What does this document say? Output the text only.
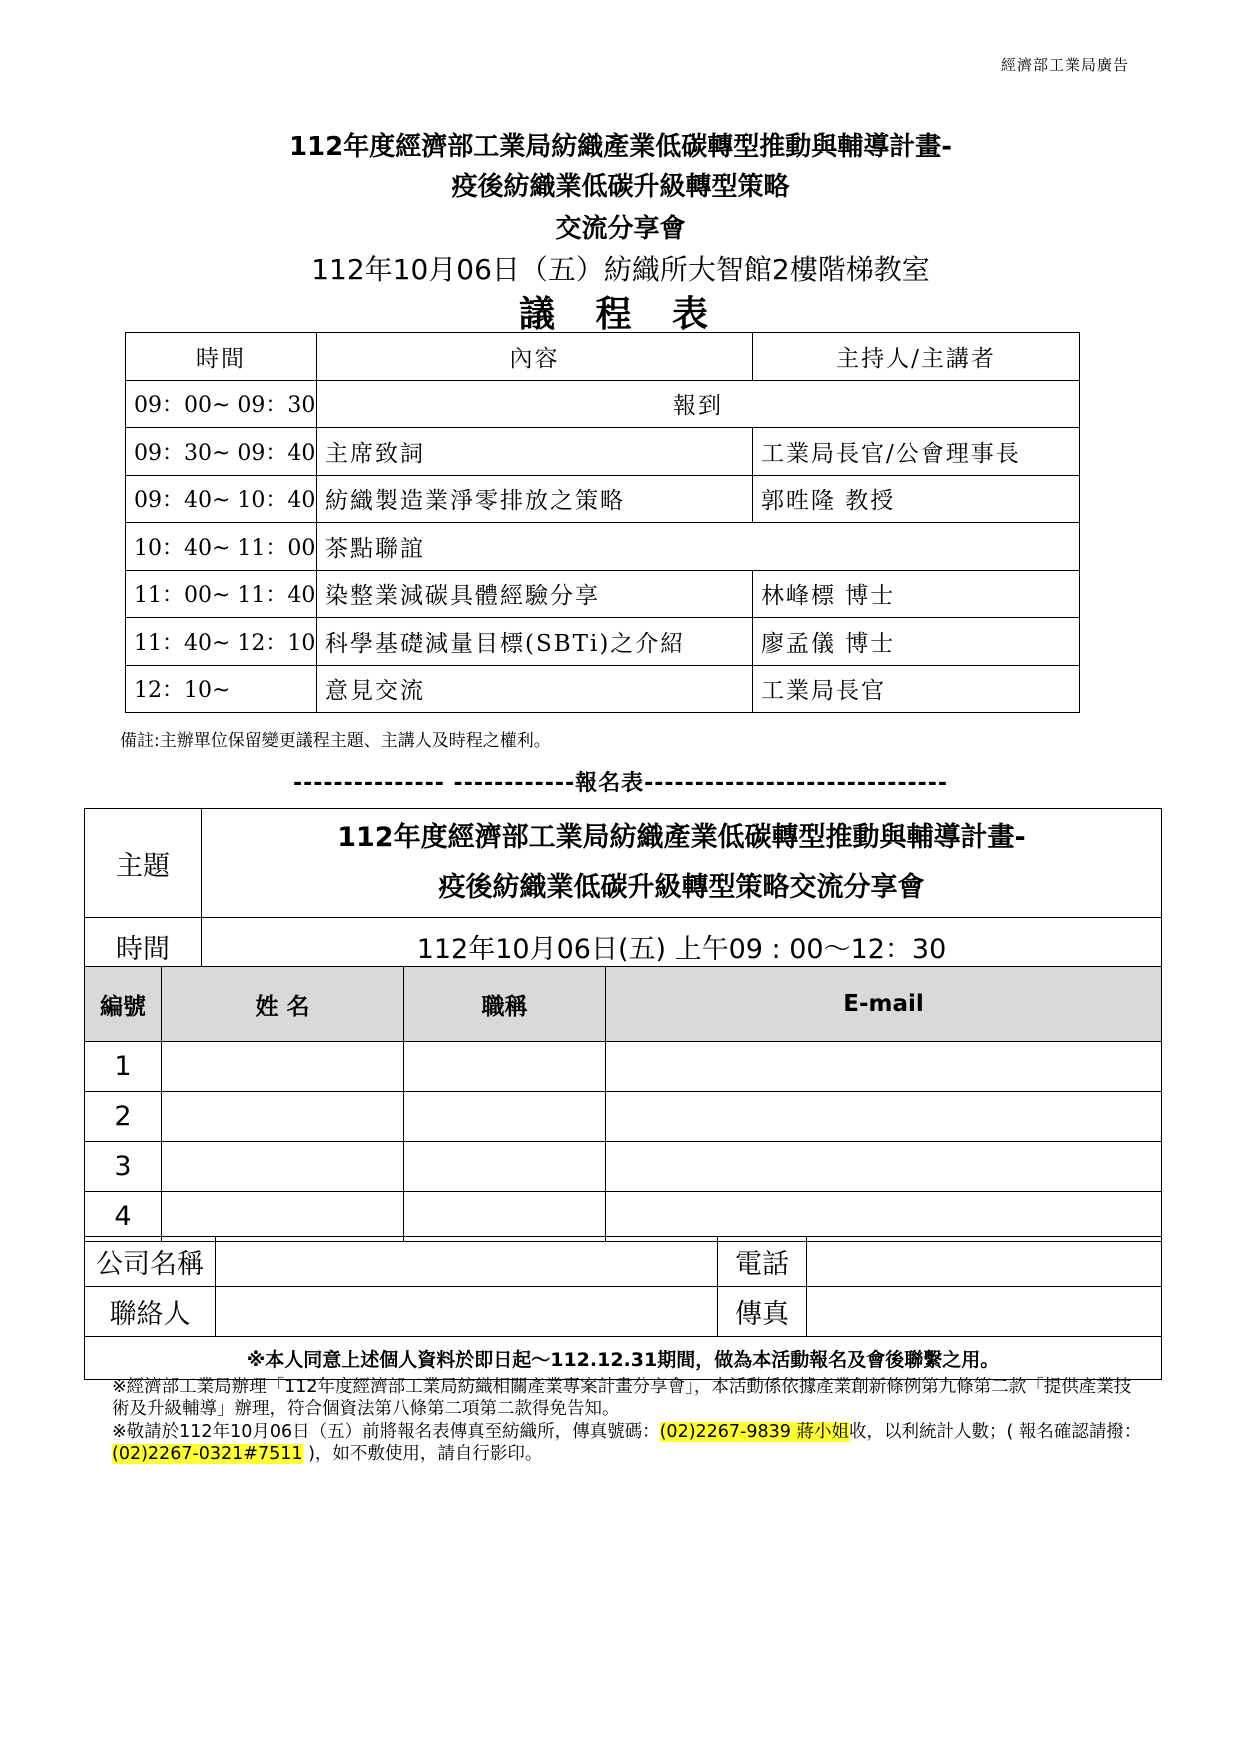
經濟部工業局廣告
112年度經濟部工業局紡織產業低碳轉型推動與輔導計畫-
疫後紡織業低碳升級轉型策略
交流分享會
112年10月06日（五）紡織所大智館2樓階梯教室
議 程 表
時間	內容	主持人/主講者
09：00~ 09：30	報到	
09：30~ 09：40	主席致詞	工業局長官/公會理事長
09：40~ 10：40	紡織製造業淨零排放之策略	郭甠隆 教授
10：40~ 11：00	茶點聯誼	
11：00~ 11：40	染整業減碳具體經驗分享	林峰標 博士
11：40~ 12：10	科學基礎減量目標(SBTi)之介紹	廖孟儀 博士
12：10~	意見交流	工業局長官
備註:主辦單位保留變更議程主題、主講人及時程之權利。
--------------- ------------報名表------------------------------
主題	112年度經濟部工業局紡織產業低碳轉型推動與輔導計畫-
疫後紡織業低碳升級轉型策略交流分享會

時間	112年10月06日(五) 上午09 : 00～12：30
編號	姓 名	職稱	E-mail
1			
2			
3			
4			
公司名稱		電話	
聯絡人		傳真	
※本人同意上述個人資料於即日起～112.12.31期間，做為本活動報名及會後聯繫之用。			
※經濟部工業局辦理「112年度經濟部工業局紡織相關產業專案計畫分享會」，本活動係依據產業創新條例第九條第二款「提供產業技術及升級輔導」辦理，符合個資法第八條第二項第二款得免告知。
※敬請於112年10月06日（五）前將報名表傳真至紡織所，傳真號碼：(02)2267-9839 蔣小姐收，以利統計人數；( 報名確認請撥：(02)2267-0321#7511 )，如不敷使用，請自行影印。
